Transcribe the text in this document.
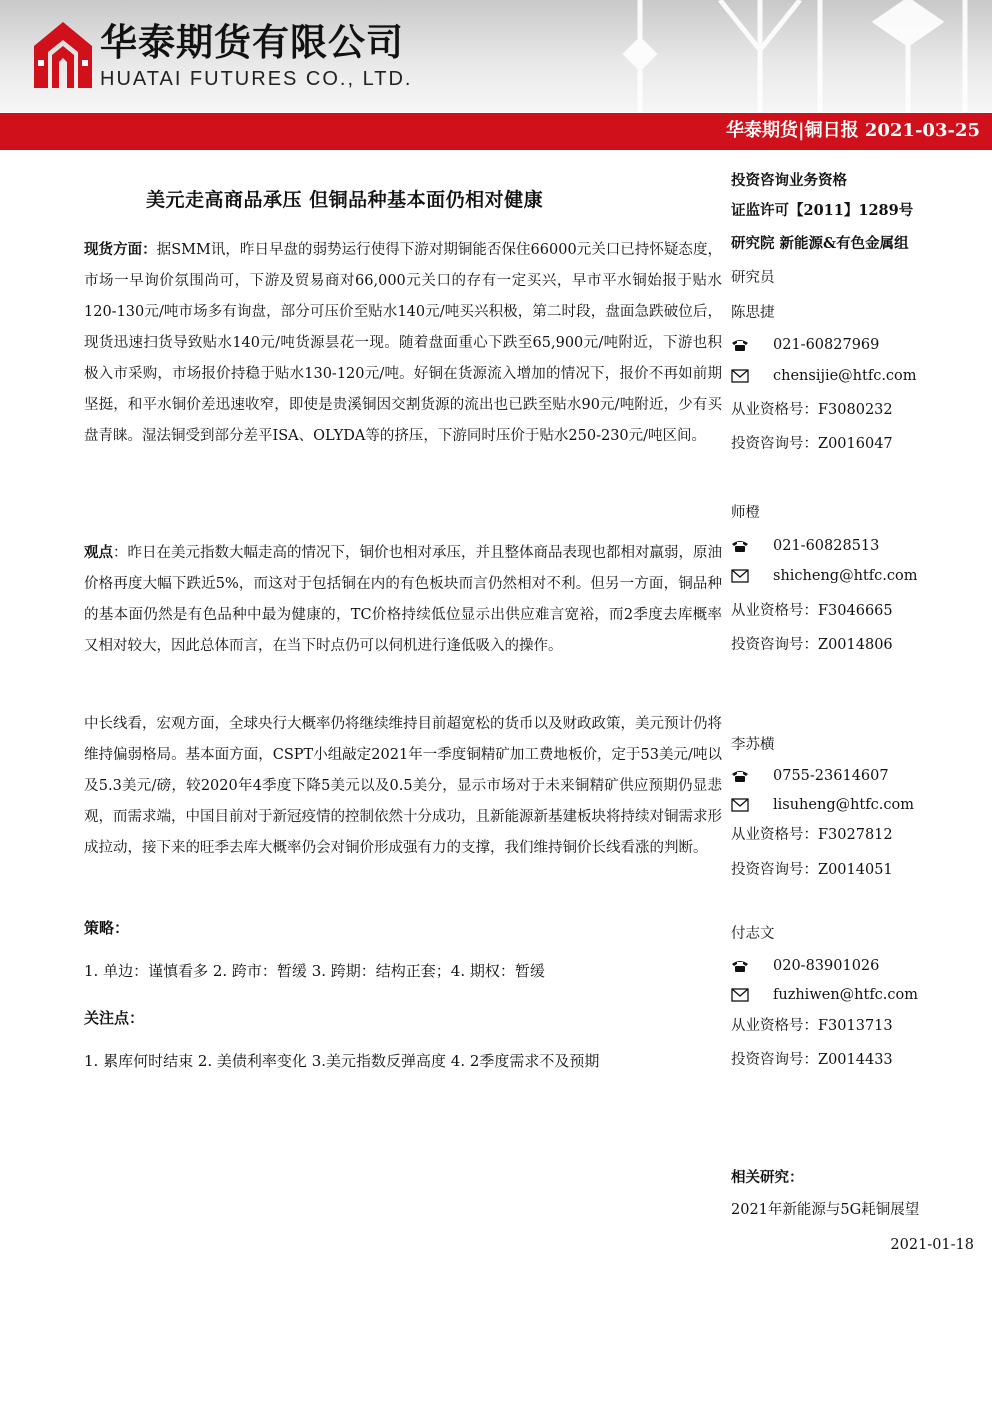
华泰期货有限公司
HUATAI FUTURES CO., LTD.
华泰期货|铜日报 2021-03-25
美元走高商品承压 但铜品种基本面仍相对健康
现货方面：据SMM讯，昨日早盘的弱势运行使得下游对期铜能否保住66000元关口已持怀疑态度，市场一早询价氛围尚可，下游及贸易商对66,000元关口的存有一定买兴，早市平水铜始报于贴水120-130元/吨市场多有询盘，部分可压价至贴水140元/吨买兴积极，第二时段，盘面急跌破位后，现货迅速扫货导致贴水140元/吨货源昙花一现。随着盘面重心下跌至65,900元/吨附近，下游也积极入市采购，市场报价持稳于贴水130-120元/吨。好铜在货源流入增加的情况下，报价不再如前期坚挺，和平水铜价差迅速收窄，即使是贵溪铜因交割货源的流出也已跌至贴水90元/吨附近，少有买盘青睐。湿法铜受到部分差平ISA、OLYDA等的挤压，下游同时压价于贴水250-230元/吨区间。
观点：昨日在美元指数大幅走高的情况下，铜价也相对承压，并且整体商品表现也都相对羸弱，原油价格再度大幅下跌近5%，而这对于包括铜在内的有色板块而言仍然相对不利。但另一方面，铜品种的基本面仍然是有色品种中最为健康的，TC价格持续低位显示出供应难言宽裕，而2季度去库概率又相对较大，因此总体而言，在当下时点仍可以伺机进行逢低吸入的操作。
中长线看，宏观方面，全球央行大概率仍将继续维持目前超宽松的货币以及财政政策，美元预计仍将维持偏弱格局。基本面方面，CSPT小组敲定2021年一季度铜精矿加工费地板价，定于53美元/吨以及5.3美元/磅，较2020年4季度下降5美元以及0.5美分，显示市场对于未来铜精矿供应预期仍显悲观，而需求端，中国目前对于新冠疫情的控制依然十分成功，且新能源新基建板块将持续对铜需求形成拉动，接下来的旺季去库大概率仍会对铜价形成强有力的支撑，我们维持铜价长线看涨的判断。
策略：
1. 单边：谨慎看多 2. 跨市：暂缓 3. 跨期：结构正套；4. 期权：暂缓
关注点：
1. 累库何时结束 2. 美债利率变化 3.美元指数反弹高度 4. 2季度需求不及预期
投资咨询业务资格
证监许可【2011】1289号
研究院 新能源&有色金属组
研究员
陈思捷
021-60827969
chensijie@htfc.com
从业资格号：F3080232
投资咨询号：Z0016047
师橙
021-60828513
shicheng@htfc.com
从业资格号：F3046665
投资咨询号：Z0014806
李苏横
0755-23614607
lisuheng@htfc.com
从业资格号：F3027812
投资咨询号：Z0014051
付志文
020-83901026
fuzhiwen@htfc.com
从业资格号：F3013713
投资咨询号：Z0014433
相关研究：
2021年新能源与5G耗铜展望
2021-01-18
